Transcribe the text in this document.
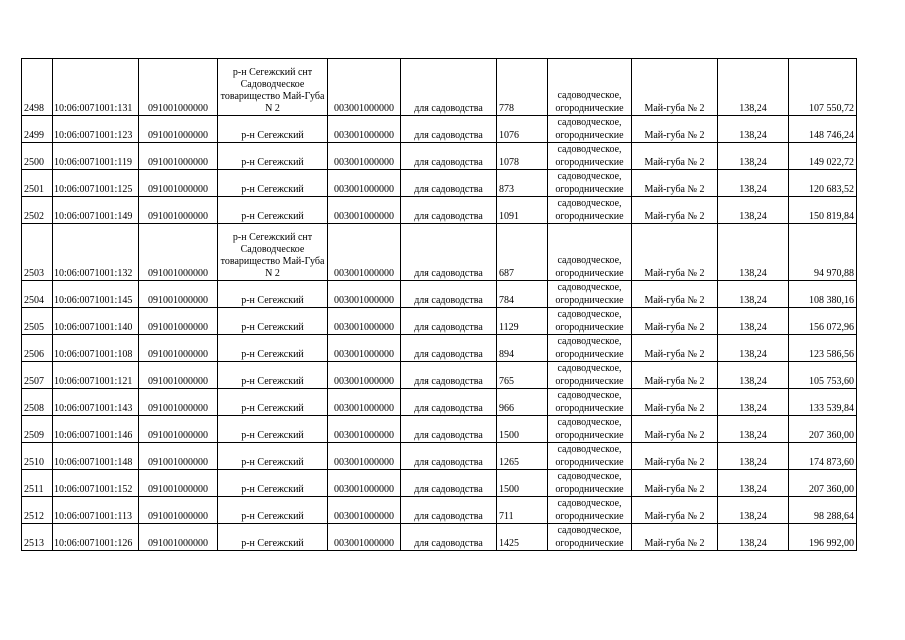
2498	10:06:0071001:131	091001000000	р-н Сегежский снт Садоводческое товарищество Май-Губа N 2	003001000000	для садоводства	778	садоводческое, огороднические	Май-губа № 2	138,24	107 550,72
2499	10:06:0071001:123	091001000000	р-н Сегежский	003001000000	для садоводства	1076	садоводческое, огороднические	Май-губа № 2	138,24	148 746,24
2500	10:06:0071001:119	091001000000	р-н Сегежский	003001000000	для садоводства	1078	садоводческое, огороднические	Май-губа № 2	138,24	149 022,72
2501	10:06:0071001:125	091001000000	р-н Сегежский	003001000000	для садоводства	873	садоводческое, огороднические	Май-губа № 2	138,24	120 683,52
2502	10:06:0071001:149	091001000000	р-н Сегежский	003001000000	для садоводства	1091	садоводческое, огороднические	Май-губа № 2	138,24	150 819,84
2503	10:06:0071001:132	091001000000	р-н Сегежский снт Садоводческое товарищество Май-Губа N 2	003001000000	для садоводства	687	садоводческое, огороднические	Май-губа № 2	138,24	94 970,88
2504	10:06:0071001:145	091001000000	р-н Сегежский	003001000000	для садоводства	784	садоводческое, огороднические	Май-губа № 2	138,24	108 380,16
2505	10:06:0071001:140	091001000000	р-н Сегежский	003001000000	для садоводства	1129	садоводческое, огороднические	Май-губа № 2	138,24	156 072,96
2506	10:06:0071001:108	091001000000	р-н Сегежский	003001000000	для садоводства	894	садоводческое, огороднические	Май-губа № 2	138,24	123 586,56
2507	10:06:0071001:121	091001000000	р-н Сегежский	003001000000	для садоводства	765	садоводческое, огороднические	Май-губа № 2	138,24	105 753,60
2508	10:06:0071001:143	091001000000	р-н Сегежский	003001000000	для садоводства	966	садоводческое, огороднические	Май-губа № 2	138,24	133 539,84
2509	10:06:0071001:146	091001000000	р-н Сегежский	003001000000	для садоводства	1500	садоводческое, огороднические	Май-губа № 2	138,24	207 360,00
2510	10:06:0071001:148	091001000000	р-н Сегежский	003001000000	для садоводства	1265	садоводческое, огороднические	Май-губа № 2	138,24	174 873,60
2511	10:06:0071001:152	091001000000	р-н Сегежский	003001000000	для садоводства	1500	садоводческое, огороднические	Май-губа № 2	138,24	207 360,00
2512	10:06:0071001:113	091001000000	р-н Сегежский	003001000000	для садоводства	711	садоводческое, огороднические	Май-губа № 2	138,24	98 288,64
2513	10:06:0071001:126	091001000000	р-н Сегежский	003001000000	для садоводства	1425	садоводческое, огороднические	Май-губа № 2	138,24	196 992,00
